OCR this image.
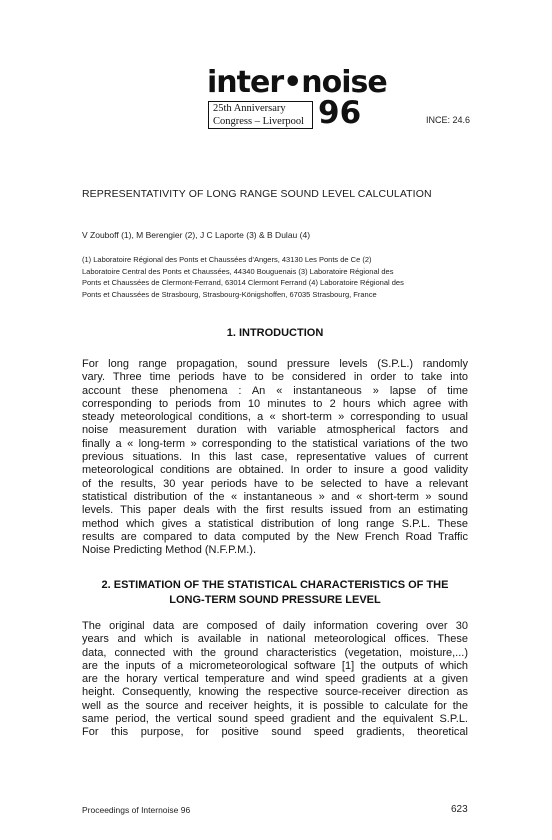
inter•noise
25th Anniversary
Congress – Liverpool 96	INCE: 24.6
REPRESENTATIVITY OF LONG RANGE SOUND LEVEL CALCULATION
V Zouboff (1), M Berengier (2), J C Laporte (3) & B Dulau (4)
(1) Laboratoire Régional des Ponts et Chaussées d'Angers, 43130 Les Ponts de Ce (2)
Laboratoire Central des Ponts et Chaussées, 44340 Bouguenais (3) Laboratoire Régional des
Ponts et Chaussées de Clermont-Ferrand, 63014 Clermont Ferrand (4) Laboratoire Régional des
Ponts et Chaussées de Strasbourg, Strasbourg-Königshoffen, 67035 Strasbourg, France
1. INTRODUCTION
For long range propagation, sound pressure levels (S.P.L.) randomly
vary. Three time periods have to be considered in order to take into
account these phenomena : An « instantaneous » lapse of time
corresponding to periods from 10 minutes to 2 hours which agree with
steady meteorological conditions, a « short-term » corresponding to usual
noise measurement duration with variable atmospherical factors and
finally a « long-term » corresponding to the statistical variations of the two
previous situations. In this last case, representative values of current
meteorological conditions are obtained. In order to insure a good validity
of the results, 30 year periods have to be selected to have a relevant
statistical distribution of the « instantaneous » and « short-term » sound
levels. This paper deals with the first results issued from an estimating
method which gives a statistical distribution of long range S.P.L. These
results are compared to data computed by the New French Road Traffic
Noise Predicting Method (N.F.P.M.).
2. ESTIMATION OF THE STATISTICAL CHARACTERISTICS OF THE
LONG-TERM SOUND PRESSURE LEVEL
The original data are composed of daily information covering over 30
years and which is available in national meteorological offices. These
data, connected with the ground characteristics (vegetation, moisture,...)
are the inputs of a micrometeorological software [1] the outputs of which
are the horary vertical temperature and wind speed gradients at a given
height. Consequently, knowing the respective source-receiver direction as
well as the source and receiver heights, it is possible to calculate for the
same period, the vertical sound speed gradient and the equivalent S.P.L.
For this purpose, for positive sound speed gradients, theoretical
Proceedings of Internoise 96	623
